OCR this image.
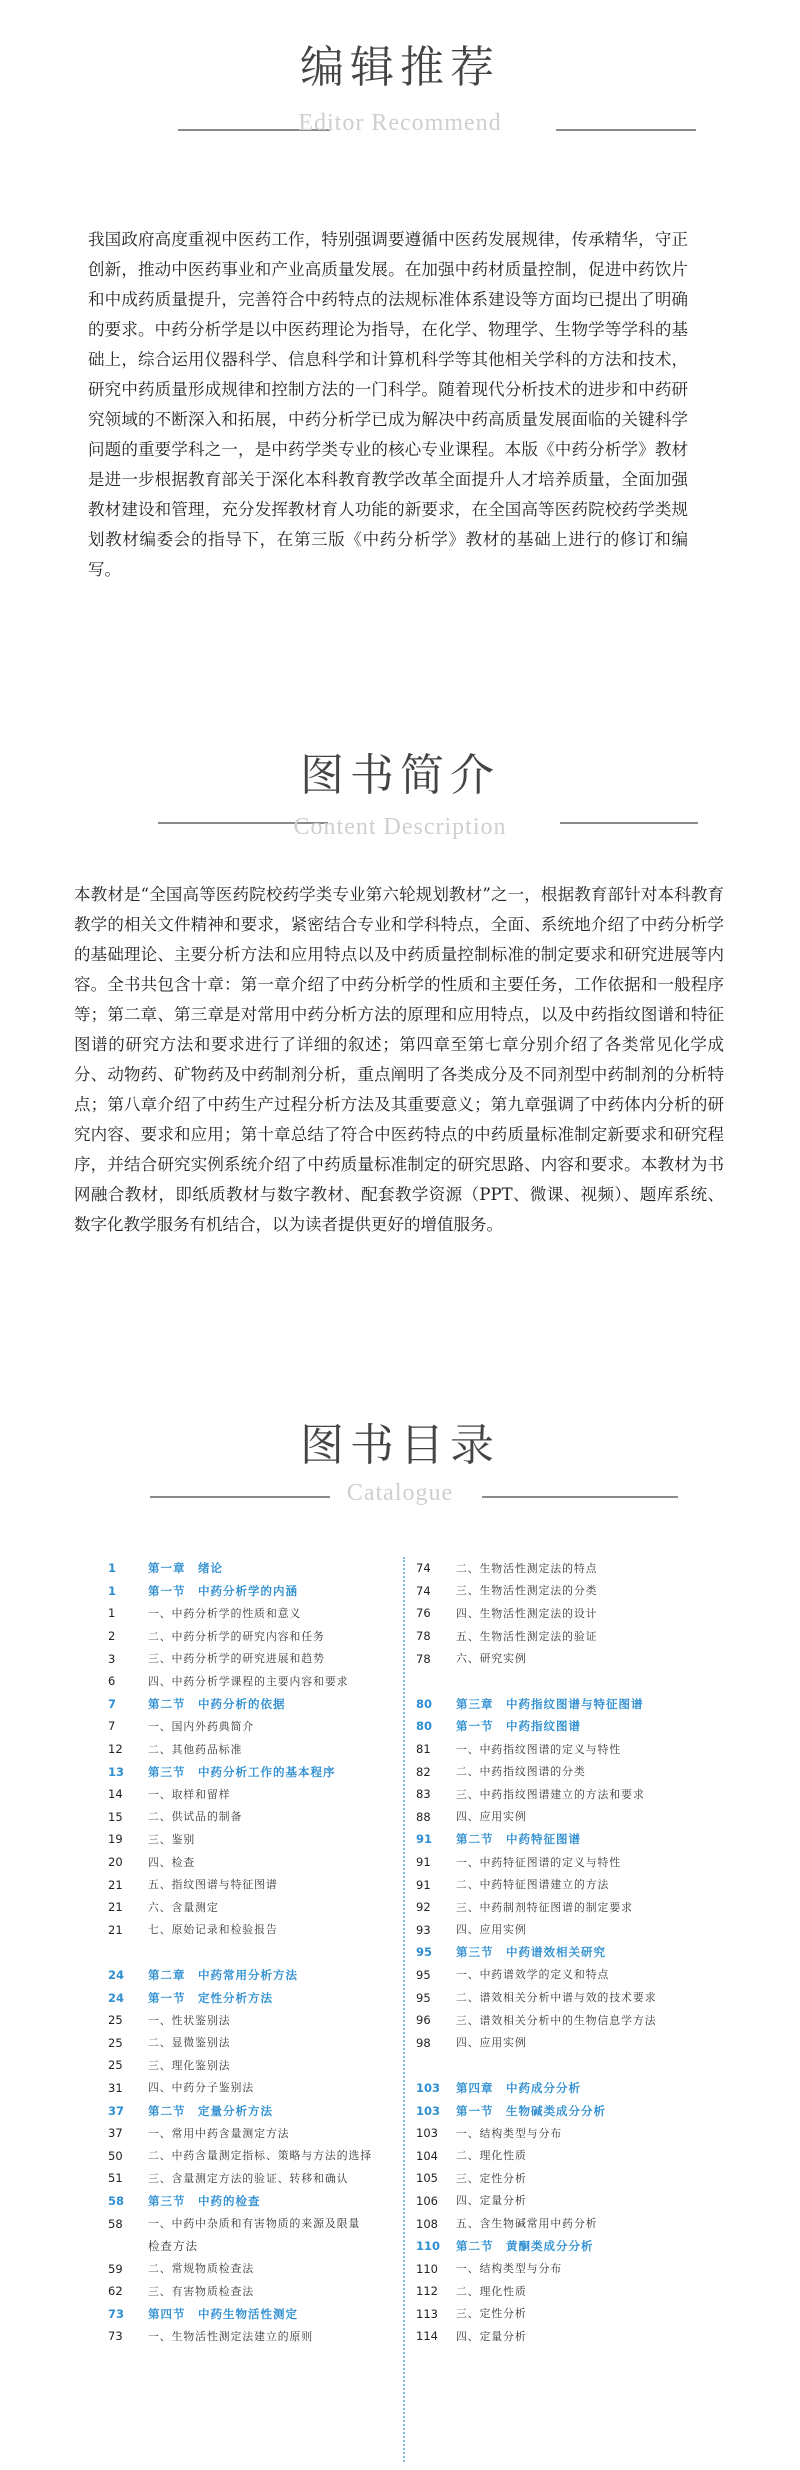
编辑推荐
Editor Recommend

我国政府高度重视中医药工作，特别强调要遵循中医药发展规律，传承精华，守正创新，推动中医药事业和产业高质量发展。在加强中药材质量控制，促进中药饮片和中成药质量提升，完善符合中药特点的法规标准体系建设等方面均已提出了明确的要求。中药分析学是以中医药理论为指导，在化学、物理学、生物学等学科的基础上，综合运用仪器科学、信息科学和计算机科学等其他相关学科的方法和技术，研究中药质量形成规律和控制方法的一门科学。随着现代分析技术的进步和中药研究领域的不断深入和拓展，中药分析学已成为解决中药高质量发展面临的关键科学问题的重要学科之一，是中药学类专业的核心专业课程。本版《中药分析学》教材是进一步根据教育部关于深化本科教育教学改革全面提升人才培养质量，全面加强教材建设和管理，充分发挥教材育人功能的新要求，在全国高等医药院校药学类规划教材编委会的指导下，在第三版《中药分析学》教材的基础上进行的修订和编写。

图书简介
Content Description

本教材是“全国高等医药院校药学类专业第六轮规划教材”之一，根据教育部针对本科教育教学的相关文件精神和要求，紧密结合专业和学科特点，全面、系统地介绍了中药分析学的基础理论、主要分析方法和应用特点以及中药质量控制标准的制定要求和研究进展等内容。全书共包含十章：第一章介绍了中药分析学的性质和主要任务，工作依据和一般程序等；第二章、第三章是对常用中药分析方法的原理和应用特点，以及中药指纹图谱和特征图谱的研究方法和要求进行了详细的叙述；第四章至第七章分别介绍了各类常见化学成分、动物药、矿物药及中药制剂分析，重点阐明了各类成分及不同剂型中药制剂的分析特点；第八章介绍了中药生产过程分析方法及其重要意义；第九章强调了中药体内分析的研究内容、要求和应用；第十章总结了符合中医药特点的中药质量标准制定新要求和研究程序，并结合研究实例系统介绍了中药质量标准制定的研究思路、内容和要求。本教材为书网融合教材，即纸质教材与数字教材、配套教学资源（PPT、微课、视频）、题库系统、数字化教学服务有机结合，以为读者提供更好的增值服务。

图书目录
Catalogue
1	第一章　绪论
1	第一节　中药分析学的内涵
1	一、中药分析学的性质和意义
2	二、中药分析学的研究内容和任务
3	三、中药分析学的研究进展和趋势
6	四、中药分析学课程的主要内容和要求
7	第二节　中药分析的依据
7	一、国内外药典简介
12	二、其他药品标准
13	第三节　中药分析工作的基本程序
14	一、取样和留样
15	二、供试品的制备
19	三、鉴别
20	四、检查
21	五、指纹图谱与特征图谱
21	六、含量测定
21	七、原始记录和检验报告
24	第二章　中药常用分析方法
24	第一节　定性分析方法
25	一、性状鉴别法
25	二、显微鉴别法
25	三、理化鉴别法
31	四、中药分子鉴别法
37	第二节　定量分析方法
37	一、常用中药含量测定方法
50	二、中药含量测定指标、策略与方法的选择
51	三、含量测定方法的验证、转移和确认
58	第三节　中药的检查
58	一、中药中杂质和有害物质的来源及限量
检查方法
59	二、常规物质检查法
62	三、有害物质检查法
73	第四节　中药生物活性测定
73	一、生物活性测定法建立的原则
74	二、生物活性测定法的特点
74	三、生物活性测定法的分类
76	四、生物活性测定法的设计
78	五、生物活性测定法的验证
78	六、研究实例
80	第三章　中药指纹图谱与特征图谱
80	第一节　中药指纹图谱
81	一、中药指纹图谱的定义与特性
82	二、中药指纹图谱的分类
83	三、中药指纹图谱建立的方法和要求
88	四、应用实例
91	第二节　中药特征图谱
91	一、中药特征图谱的定义与特性
91	二、中药特征图谱建立的方法
92	三、中药制剂特征图谱的制定要求
93	四、应用实例
95	第三节　中药谱效相关研究
95	一、中药谱效学的定义和特点
95	二、谱效相关分析中谱与效的技术要求
96	三、谱效相关分析中的生物信息学方法
98	四、应用实例
103	第四章　中药成分分析
103	第一节　生物碱类成分分析
103	一、结构类型与分布
104	二、理化性质
105	三、定性分析
106	四、定量分析
108	五、含生物碱常用中药分析
110	第二节　黄酮类成分分析
110	一、结构类型与分布
112	二、理化性质
113	三、定性分析
114	四、定量分析
